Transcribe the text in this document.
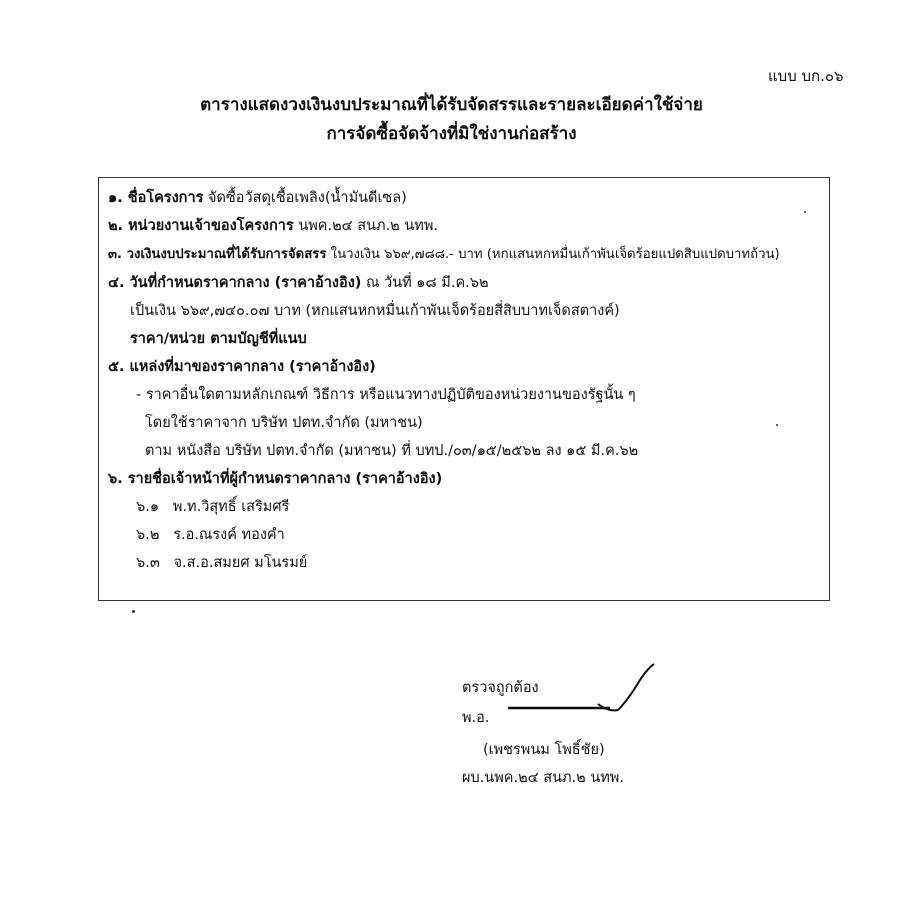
แบบ บก.๐๖
ตารางแสดงวงเงินงบประมาณที่ได้รับจัดสรรและรายละเอียดค่าใช้จ่าย
การจัดซื้อจัดจ้างที่มิใช่งานก่อสร้าง
๑. ชื่อโครงการ จัดซื้อวัสดุเชื้อเพลิง(น้ำมันดีเซล)
๒. หน่วยงานเจ้าของโครงการ นพค.๒๔ สนภ.๒ นทพ.
๓. วงเงินงบประมาณที่ได้รับการจัดสรร ในวงเงิน ๖๖๙,๗๘๘.- บาท (หกแสนหกหมื่นเก้าพันเจ็ดร้อยแปดสิบแปดบาทถ้วน)
๔. วันที่กำหนดราคากลาง (ราคาอ้างอิง) ณ วันที่ ๑๘ มี.ค.๖๒
เป็นเงิน ๖๖๙,๗๔๐.๐๗ บาท (หกแสนหกหมื่นเก้าพันเจ็ดร้อยสี่สิบบาทเจ็ดสตางค์)
ราคา/หน่วย ตามบัญชีที่แนบ
๕. แหล่งที่มาของราคากลาง (ราคาอ้างอิง)
- ราคาอื่นใดตามหลักเกณฑ์ วิธีการ หรือแนวทางปฏิบัติของหน่วยงานของรัฐนั้น ๆ
โดยใช้ราคาจาก บริษัท ปตท.จำกัด (มหาชน)
ตาม หนังสือ บริษัท ปตท.จำกัด (มหาชน) ที่ บทป./๐๓/๑๕/๒๕๖๒ ลง ๑๕ มี.ค.๖๒
๖. รายชื่อเจ้าหน้าที่ผู้กำหนดราคากลาง (ราคาอ้างอิง)
๖.๑ พ.ท.วิสุทธิ์ เสริมศรี
๖.๒ ร.อ.ณรงค์ ทองคำ
๖.๓ จ.ส.อ.สมยศ มโนรมย์
ตรวจถูกต้อง
พ.อ.
(เพชรพนม โพธิ์ชัย)
ผบ.นพค.๒๔ สนภ.๒ นทพ.
